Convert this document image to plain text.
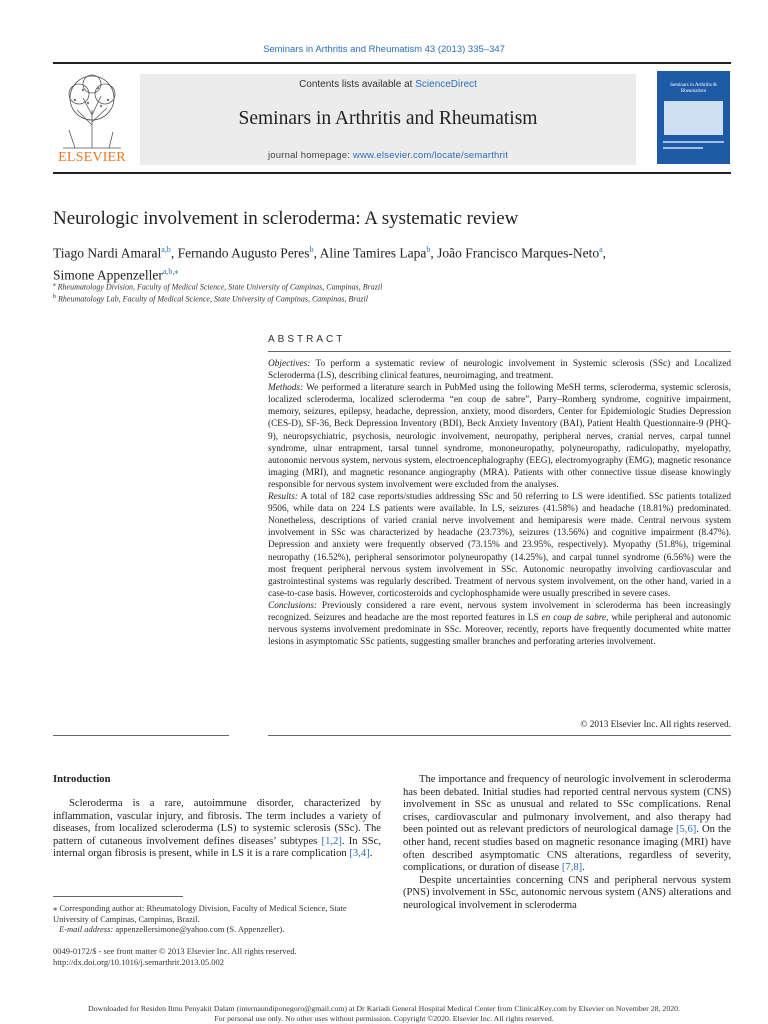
Seminars in Arthritis and Rheumatism 43 (2013) 335–347
ELSEVIER
Contents lists available at ScienceDirect
Seminars in Arthritis and Rheumatism
journal homepage: www.elsevier.com/locate/semarthrit
Seminars in Arthritis & Rheumatism
Neurologic involvement in scleroderma: A systematic review
Tiago Nardi Amaral$^{a,b}$, Fernando Augusto Peres$^b$, Aline Tamires Lapa$^b$, João Francisco Marques-Neto$^a$,
Simone Appenzeller$^{a,b,⁎}$
$^a$ Rheumatology Division, Faculty of Medical Science, State University of Campinas, Campinas, Brazil
$^b$ Rheumatology Lab, Faculty of Medical Science, State University of Campinas, Campinas, Brazil
ABSTRACT
Objectives: To perform a systematic review of neurologic involvement in Systemic sclerosis (SSc) and Localized Scleroderma (LS), describing clinical features, neuroimaging, and treatment.
Methods: We performed a literature search in PubMed using the following MeSH terms, scleroderma, systemic sclerosis, localized scleroderma, localized scleroderma “en coup de sabre”, Parry–Romberg syndrome, cognitive impairment, memory, seizures, epilepsy, headache, depression, anxiety, mood disorders, Center for Epidemiologic Studies Depression (CES-D), SF-36, Beck Depression Inventory (BDI), Beck Anxiety Inventory (BAI), Patient Health Questionnaire-9 (PHQ-9), neuropsychiatric, psychosis, neurologic involvement, neuropathy, peripheral nerves, cranial nerves, carpal tunnel syndrome, ulnar entrapment, tarsal tunnel syndrome, mononeuropathy, polyneuropathy, radiculopathy, myelopathy, autonomic nervous system, nervous system, electroencephalography (EEG), electromyography (EMG), magnetic resonance imaging (MRI), and magnetic resonance angiography (MRA). Patients with other connective tissue disease knowingly responsible for nervous system involvement were excluded from the analyses.
Results: A total of 182 case reports/studies addressing SSc and 50 referring to LS were identified. SSc patients totalized 9506, while data on 224 LS patients were available. In LS, seizures (41.58%) and headache (18.81%) predominated. Nonetheless, descriptions of varied cranial nerve involvement and hemiparesis were made. Central nervous system involvement in SSc was characterized by headache (23.73%), seizures (13.56%) and cognitive impairment (8.47%). Depression and anxiety were frequently observed (73.15% and 23.95%, respectively). Myopathy (51.8%), trigeminal neuropathy (16.52%), peripheral sensorimotor polyneuropathy (14.25%), and carpal tunnel syndrome (6.56%) were the most frequent peripheral nervous system involvement in SSc. Autonomic neuropathy involving cardiovascular and gastrointestinal systems was regularly described. Treatment of nervous system involvement, on the other hand, varied in a case-to-case basis. However, corticosteroids and cyclophosphamide were usually prescribed in severe cases.
Conclusions: Previously considered a rare event, nervous system involvement in scleroderma has been increasingly recognized. Seizures and headache are the most reported features in LS en coup de sabre, while peripheral and autonomic nervous systems involvement predominate in SSc. Moreover, recently, reports have frequently documented white matter lesions in asymptomatic SSc patients, suggesting smaller branches and perforating arteries involvement.
© 2013 Elsevier Inc. All rights reserved.
Introduction

Scleroderma is a rare, autoimmune disorder, characterized by inflammation, vascular injury, and fibrosis. The term includes a variety of diseases, from localized scleroderma (LS) to systemic sclerosis (SSc). The pattern of cutaneous involvement defines diseases’ subtypes [1,2]. In SSc, internal organ fibrosis is present, while in LS it is a rare complication [3,4].

The importance and frequency of neurologic involvement in scleroderma has been debated. Initial studies had reported central nervous system (CNS) involvement in SSc as unusual and related to SSc complications. Renal crises, cardiovascular and pulmonary involvement, and also therapy had been pointed out as relevant predictors of neurological damage [5,6]. On the other hand, recent studies based on magnetic resonance imaging (MRI) have often described asymptomatic CNS alterations, regardless of severity, complications, or duration of disease [7,8].

Despite uncertainties concerning CNS and peripheral nervous system (PNS) involvement in SSc, autonomic nervous system (ANS) alterations and neurological involvement in scleroderma

⁎ Corresponding author at: Rheumatology Division, Faculty of Medical Science, State University of Campinas, Campinas, Brazil.
E-mail address: appenzellersimone@yahoo.com (S. Appenzeller).
0049-0172/$ - see front matter © 2013 Elsevier Inc. All rights reserved.
http://dx.doi.org/10.1016/j.semarthrit.2013.05.002
Downloaded for Residen Ilmu Penyakit Dalam (internaundiponegoro@gmail.com) at Dr Kariadi General Hospital Medical Center from ClinicalKey.com by Elsevier on November 28, 2020.
For personal use only. No other uses without permission. Copyright ©2020. Elsevier Inc. All rights reserved.
